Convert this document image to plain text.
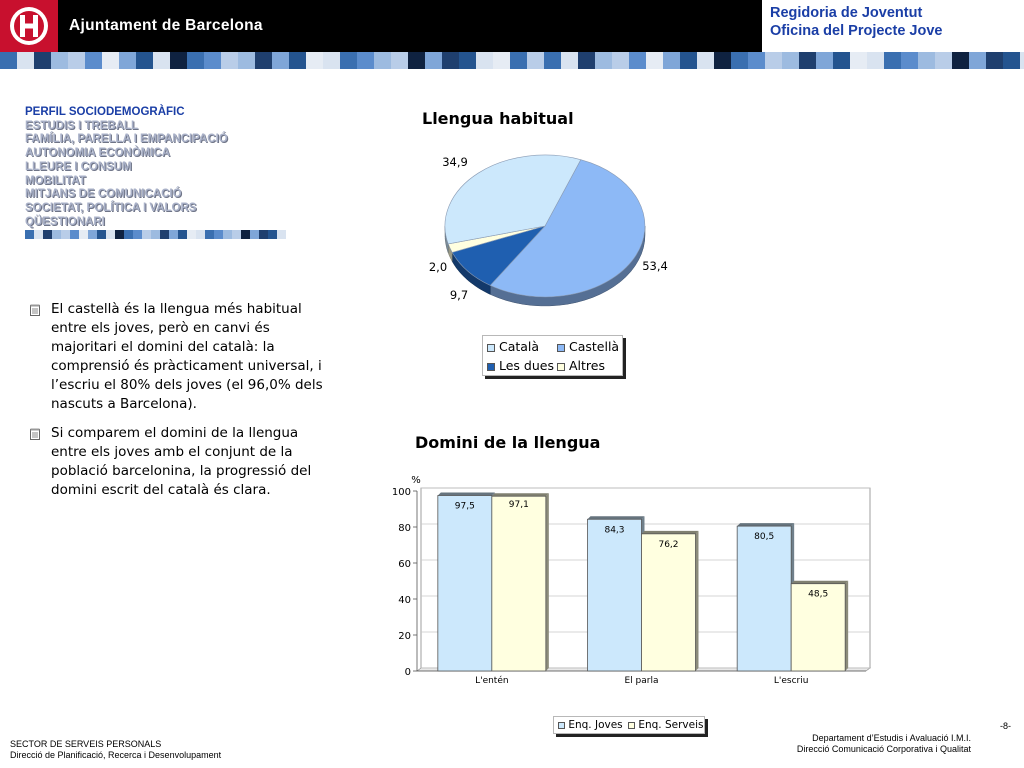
Ajuntament de Barcelona
Regidoria de Joventut
Oficina del Projecte Jove
PERFIL SOCIODEMOGRÀFIC
ESTUDIS I TREBALL
FAMÍLIA, PARELLA I EMPANCIPACIÓ
AUTONOMIA ECONÒMICA
LLEURE I CONSUM
MOBILITAT
MITJANS DE COMUNICACIÓ
SOCIETAT, POLÍTICA I VALORS
QÜESTIONARI
El castellà és la llengua més habitual entre els joves, però en canvi és majoritari el domini del català: la comprensió és pràcticament universal, i l’escriu el 80% dels joves (el 96,0% dels nascuts a Barcelona).
Si comparem el domini de la llengua entre els joves amb el conjunt de la població barcelonina, la progressió del domini escrit del català és clara.
34,9
53,4
9,7
2,0
0
20
40
60
80
100
%
97,5	97,1
L'entén
84,3
76,2
El parla
80,5
48,5
L'escriu
Llengua habitual
Domini de la llengua
Català	Castellà
Les dues	Altres
Enq. Joves	Enq. Serveis
SECTOR DE SERVEIS PERSONALS
Direcció de Planificació, Recerca i Desenvolupament
-8-
Departament d’Estudis i Avaluació I.M.I.
Direcció Comunicació Corporativa i Qualitat
